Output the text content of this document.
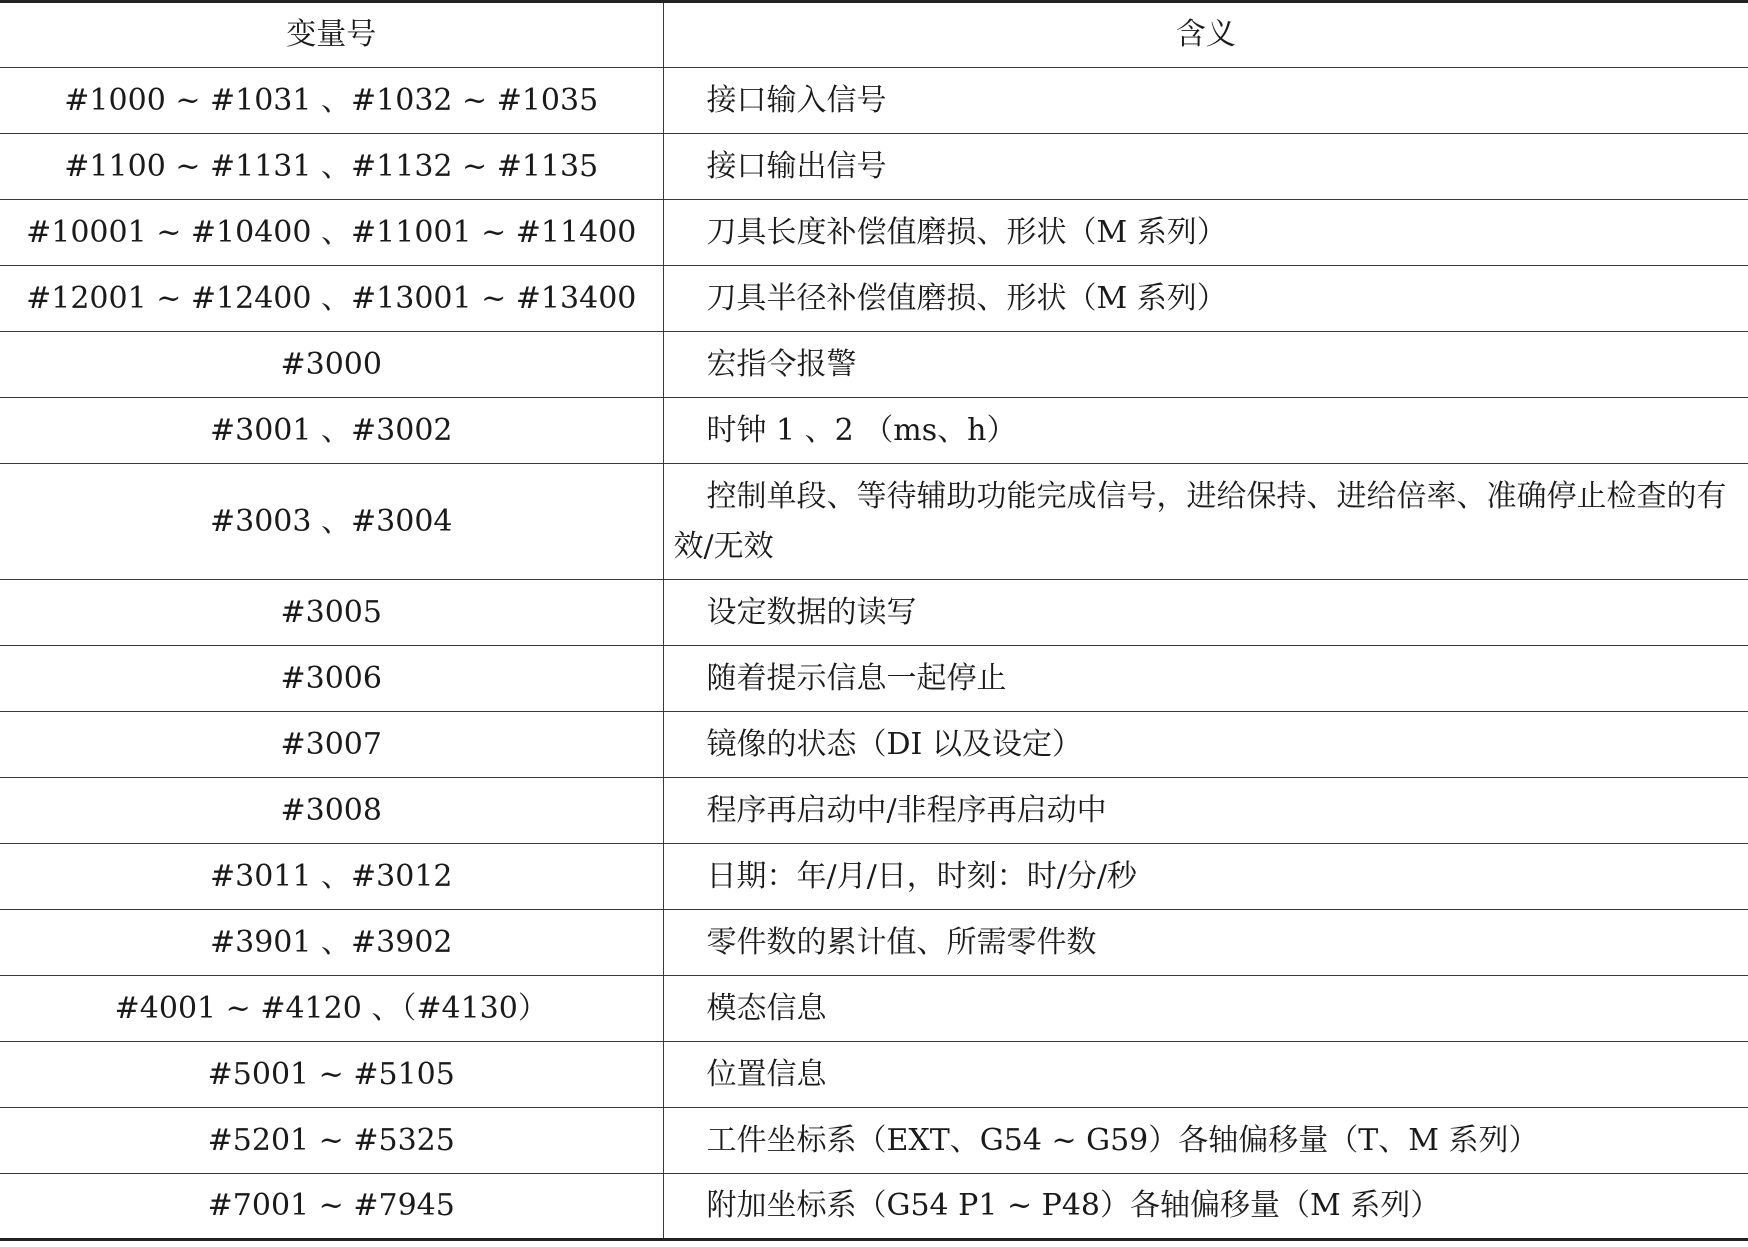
变量号	含义
#1000 ~ #1031 、#1032 ~ #1035	接口输入信号

#1100 ~ #1131 、#1132 ~ #1135	接口输出信号

#10001 ~ #10400 、#11001 ~ #11400	刀具长度补偿值磨损、形状（M 系列）

#12001 ~ #12400 、#13001 ~ #13400	刀具半径补偿值磨损、形状（M 系列）

#3000	宏指令报警

#3001 、#3002	时钟 1 、2 （ms、h）

#3003 、#3004	控制单段、等待辅助功能完成信号，进给保持、进给倍率、准确停止检查的有效/无效

#3005	设定数据的读写

#3006	随着提示信息一起停止

#3007	镜像的状态（DI 以及设定）

#3008	程序再启动中/非程序再启动中

#3011 、#3012	日期：年/月/日，时刻：时/分/秒

#3901 、#3902	零件数的累计值、所需零件数

#4001 ~ #4120 、（#4130）	模态信息

#5001 ~ #5105	位置信息

#5201 ~ #5325	工件坐标系（EXT、G54 ~ G59）各轴偏移量（T、M 系列）

#7001 ~ #7945	附加坐标系（G54 P1 ~ P48）各轴偏移量（M 系列）
